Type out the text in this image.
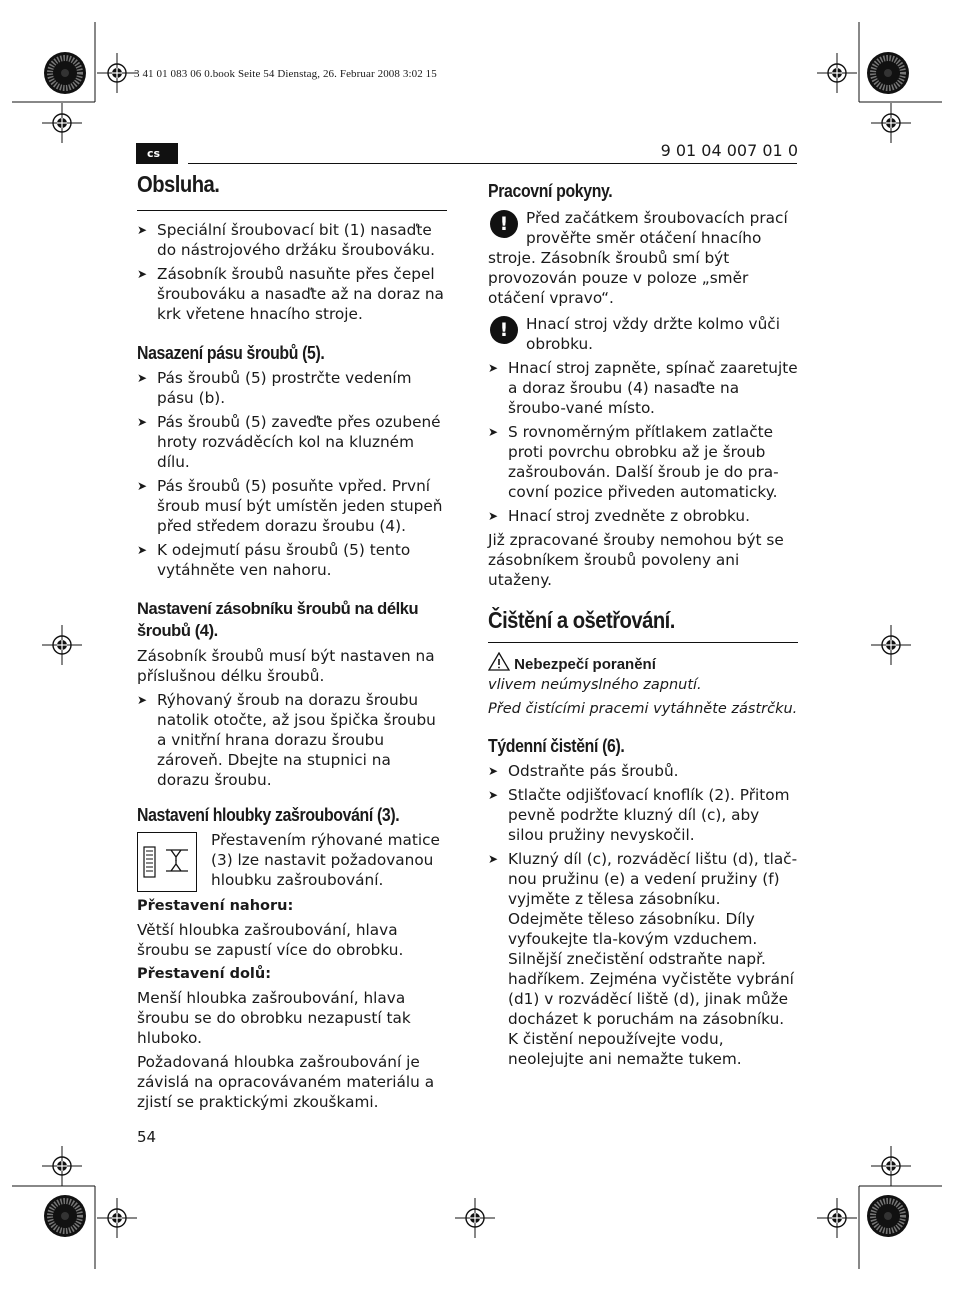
3 41 01 083 06 0.book Seite 54 Dienstag, 26. Februar 2008 3:02 15
cs	9 01 04 007 01 0
Obsluha.
➤ Speciální šroubovací bit (1) nasaďte do nástrojového držáku šroubováku.
➤ Zásobník šroubů nasuňte přes čepel šroubováku a nasaďte až na doraz na krk vřetene hnacího stroje.
Nasazení pásu šroubů (5).
➤ Pás šroubů (5) prostrčte vedením pásu (b).
➤ Pás šroubů (5) zaveďte přes ozubené hroty rozváděcích kol na kluzném dílu.
➤ Pás šroubů (5) posuňte vpřed. První šroub musí být umístěn jeden stupeň před středem dorazu šroubu (4).
➤ K odejmutí pásu šroubů (5) tento vytáhněte ven nahoru.
Nastavení zásobníku šroubů na délku šroubů (4).

Zásobník šroubů musí být nastaven na příslušnou délku šroubů.

➤ Rýhovaný šroub na dorazu šroubu natolik otočte, až jsou špička šroubu a vnitřní hrana dorazu šroubu zároveň. Dbejte na stupnici na dorazu šroubu.
Nastavení hloubky zašroubování (3).

Přestavením rýhované matice (3) lze nastavit požadovanou hloubku zašroubování.

Přestavení nahoru:

Větší hloubka zašroubování, hlava šroubu se zapustí více do obrobku.

Přestavení dolů:

Menší hloubka zašroubování, hlava šroubu se do obrobku nezapustí tak hluboko.

Požadovaná hloubka zašroubování je závislá na opracovávaném materiálu a zjistí se praktickými zkouškami.

Pracovní pokyny.
!	Před začátkem šroubovacích prací prověřte směr otáčení hnacího stroje. Zásobník šroubů smí být provozován pouze v poloze „směr otáčení vpravo“.
!	Hnací stroj vždy držte kolmo vůči obrobku.
➤ Hnací stroj zapněte, spínač zaaretujte a doraz šroubu (4) nasaďte na šroubo-vané místo.
➤ S rovnoměrným přítlakem zatlačte proti povrchu obrobku až je šroub zašroubován. Další šroub je do pra-covní pozice přiveden automaticky.
➤ Hnací stroj zvedněte z obrobku.

Již zpracované šrouby nemohou být se zásobníkem šroubů povoleny ani utaženy.

Čištění a ošetřování.
Nebezpečí poranění

vlivem neúmyslného zapnutí.

Před čistícími pracemi vytáhněte zástrčku.

Týdenní čistění (6).
➤ Odstraňte pás šroubů.
➤ Stlačte odjišťovací knoflík (2). Přitom pevně podržte kluzný díl (c), aby silou pružiny nevyskočil.
➤ Kluzný díl (c), rozváděcí lištu (d), tlač-nou pružinu (e) a vedení pružiny (f) vyjměte z tělesa zásobníku. Odejměte těleso zásobníku. Díly vyfoukejte tla-kovým vzduchem. Silnější znečistění odstraňte např. hadříkem. Zejména vyčistěte vybrání (d1) v rozváděcí liště (d), jinak může docházet k poruchám na zásobníku. K čistění nepoužívejte vodu, neolejujte ani nemažte tukem.
54
